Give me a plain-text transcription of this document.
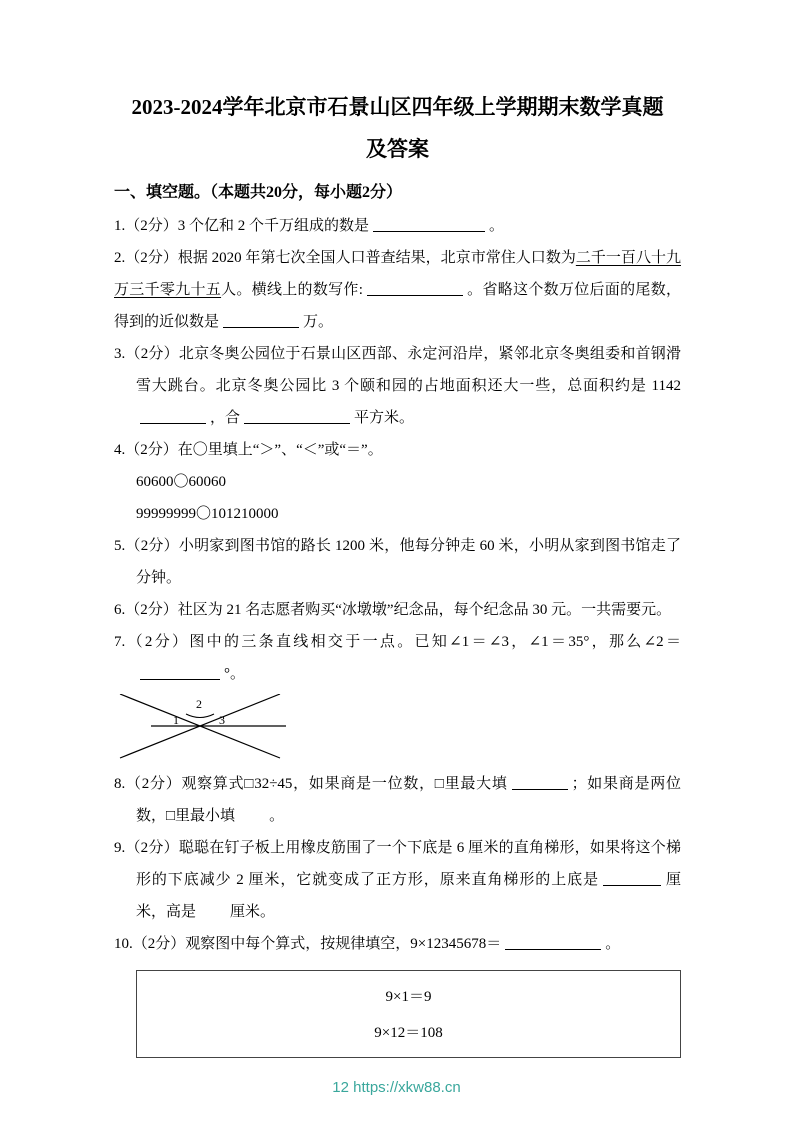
2023-2024学年北京市石景山区四年级上学期期末数学真题
及答案
一、填空题。（本题共20分，每小题2分）

1.（2分）3 个亿和 2 个千万组成的数是	。

2.（2分）根据 2020 年第七次全国人口普查结果，北京市常住人口数为二千一百八十九万三千零九十五人。横线上的数写作:	。省略这个数万位后面的尾数，得到的近似数是	万。

3.（2分）北京冬奥公园位于石景山区西部、永定河沿岸，紧邻北京冬奥组委和首钢滑雪大跳台。北京冬奥公园比 3 个颐和园的占地面积还大一些，总面积约是 1142，合	平方米。

4.（2分）在〇里填上“＞”、“＜”或“＝”。

60600〇60060

99999999〇101210000

5.（2分）小明家到图书馆的路长 1200 米，他每分钟走 60 米，小明从家到图书馆走了分钟。

6.（2分）社区为 21 名志愿者购买“冰墩墩”纪念品，每个纪念品 30 元。一共需要元。

7.（2分）图中的三条直线相交于一点。已知∠1＝∠3，∠1＝35°，那么∠2＝°。

1
2
3

8.（2分）观察算式□32÷45，如果商是一位数，□里最大填	；如果商是两位数，□里最小填 。

9.（2分）聪聪在钉子板上用橡皮筋围了一个下底是 6 厘米的直角梯形，如果将这个梯形的下底减少 2 厘米，它就变成了正方形，原来直角梯形的上底是	厘米，高是 厘米。

10.（2分）观察图中每个算式，按规律填空，9×12345678＝	。

9×1＝9
9×12＝108
12 https://xkw88.cn
